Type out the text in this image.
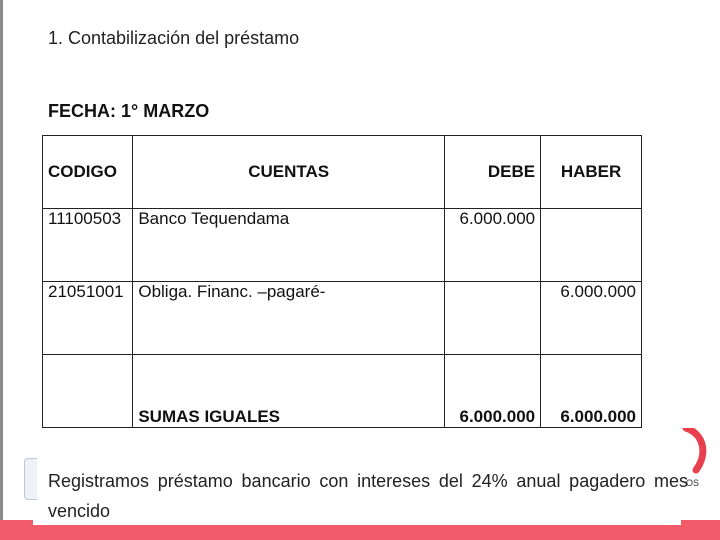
1. Contabilización del préstamo
FECHA: 1° MARZO
CODIGO	CUENTAS	DEBE	HABER
11100503	Banco Tequendama	6.000.000	
21051001	Obliga. Financ. –pagaré-		6.000.000
	SUMAS IGUALES	6.000.000	6.000.000
OS
Registramos préstamo bancario con intereses del 24% anual pagadero mes vencido
